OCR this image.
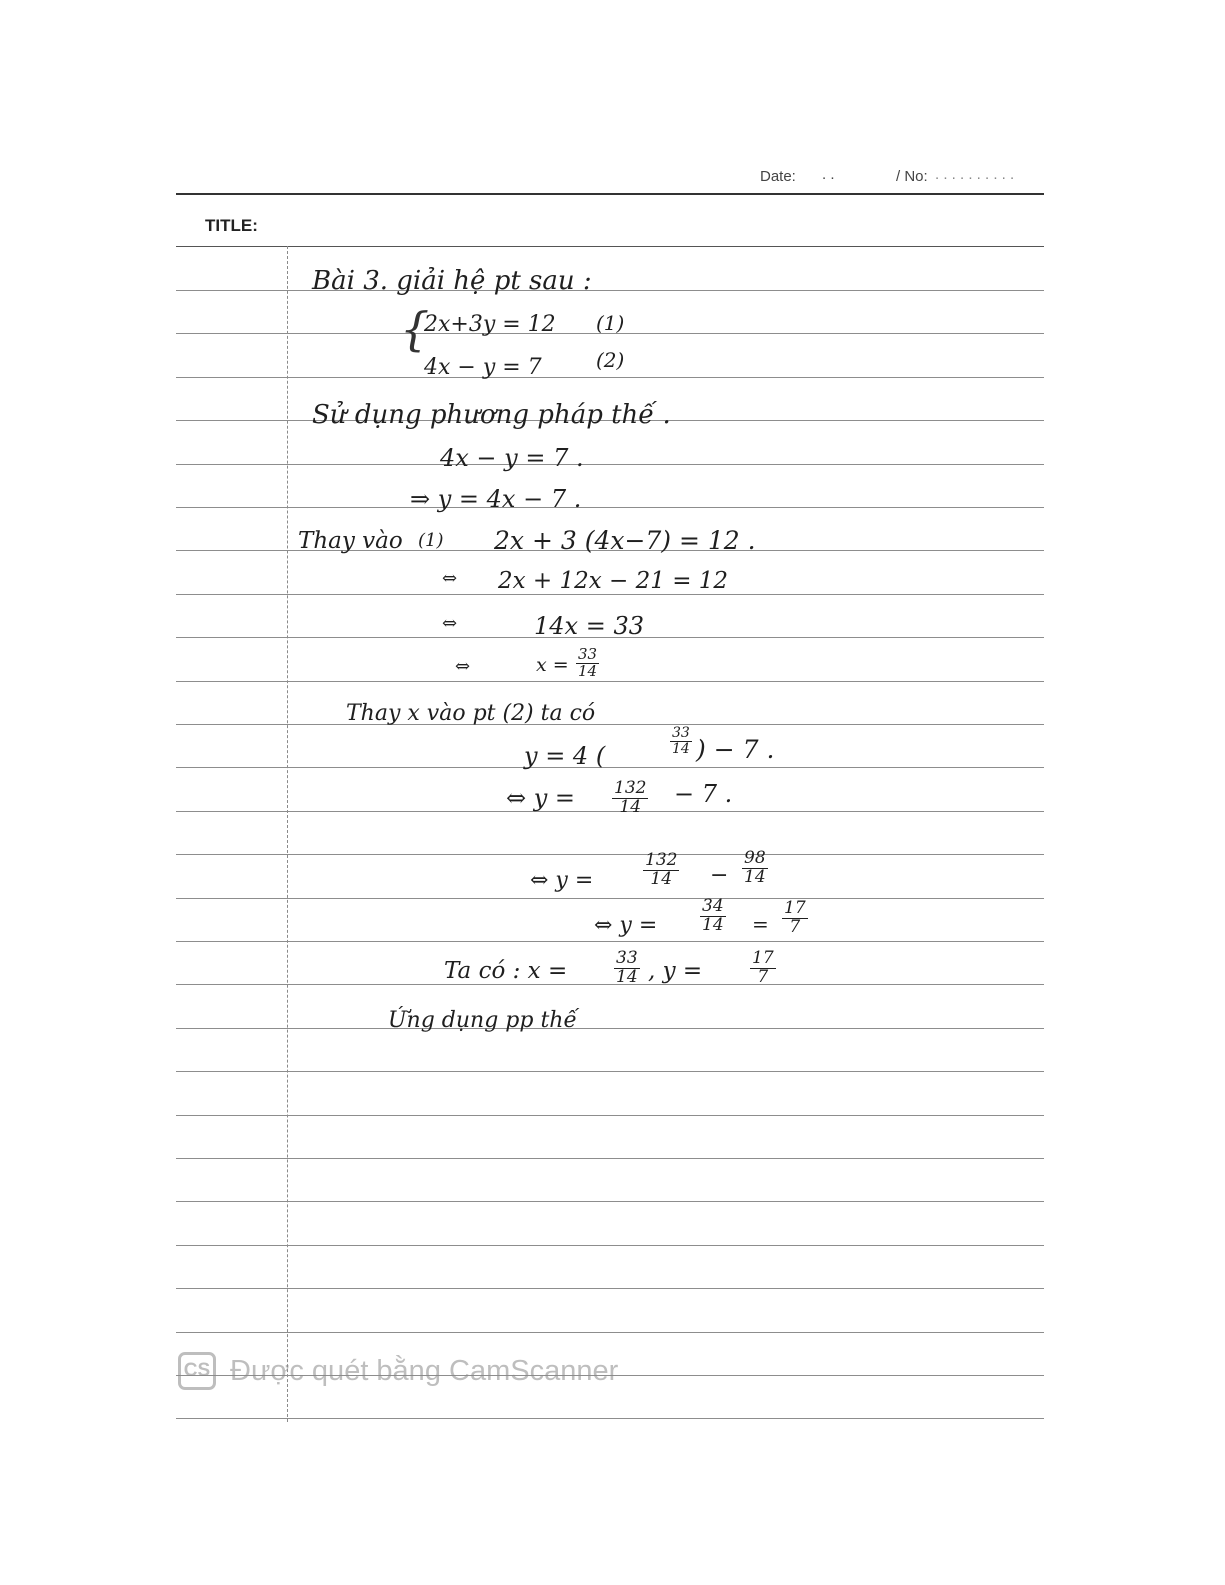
Date: . .	/ No: . . . . . . . . . .
TITLE:
Bài 3. giải hệ pt sau :
{
2x+3y = 12 (1)
4x − y = 7	(2)
Sử dụng phương pháp thế .
4x − y = 7 .
⇒ y = 4x − 7 .
Thay vào (1) 2x + 3 (4x−7) = 12 .
⇔ 2x + 12x − 21 = 12
⇔	14x = 33
⇔	$x = \frac{33}{14}$
Thay x vào pt (2) ta có
y = 4 (	$\frac{33}{14}$ ) − 7 .
⇔ $y = \frac{132}{14} - 7$ .
⇔ y =	$\frac{132}{14} - \frac{98}{14}$
⇔ y =	$\frac{34}{14} = \frac{17}{7}$
Ta có : x =	$\frac{33}{14}$ , y =	$\frac{17}{7}$
Ứng dụng pp thế
CS Được quét bằng CamScanner
